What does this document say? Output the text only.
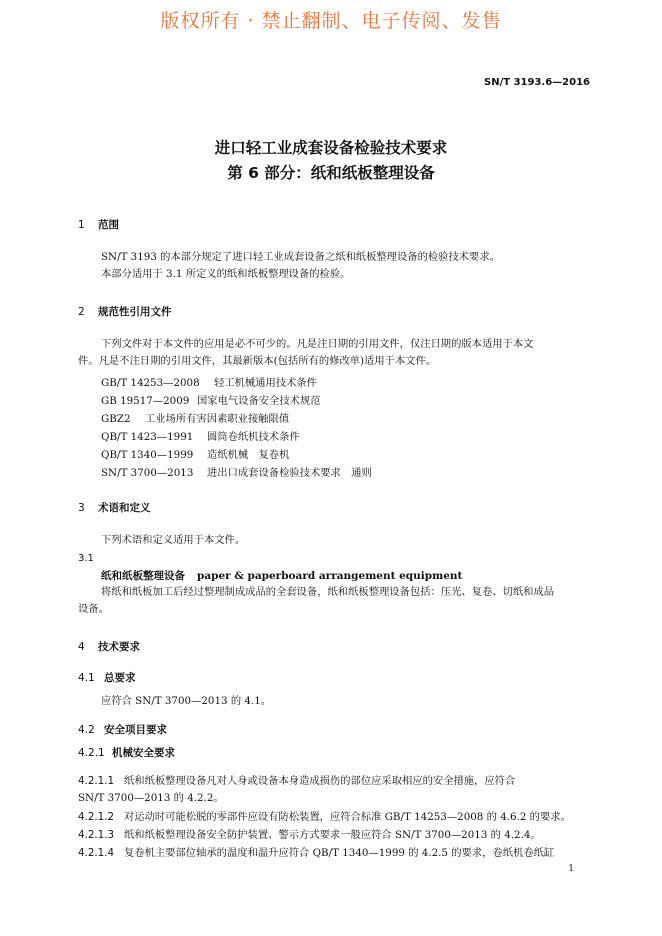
版权所有 · 禁止翻制、电子传阅、发售
SN/T 3193.6—2016
进口轻工业成套设备检验技术要求
第 6 部分：纸和纸板整理设备
1 范围
SN/T 3193 的本部分规定了进口轻工业成套设备之纸和纸板整理设备的检验技术要求。
本部分适用于 3.1 所定义的纸和纸板整理设备的检验。
2 规范性引用文件
下列文件对于本文件的应用是必不可少的。凡是注日期的引用文件，仅注日期的版本适用于本文
件。凡是不注日期的引用文件，其最新版本(包括所有的修改单)适用于本文件。
GB/T 14253—2008 轻工机械通用技术条件
GB 19517—2009 国家电气设备安全技术规范
GBZ2 工业场所有害因素职业接触限值
QB/T 1423—1991 圆筒卷纸机技术条件
QB/T 1340—1999 造纸机械　复卷机
SN/T 3700—2013 进出口成套设备检验技术要求　通则
3 术语和定义
下列术语和定义适用于本文件。
3.1
纸和纸板整理设备 paper & paperboard arrangement equipment
将纸和纸板加工后经过整理制成成品的全套设备，纸和纸板整理设备包括：压光、复卷、切纸和成品
设备。
4 技术要求
4.1 总要求
应符合 SN/T 3700—2013 的 4.1。
4.2 安全项目要求
4.2.1 机械安全要求
4.2.1.1 纸和纸板整理设备凡对人身或设备本身造成损伤的部位应采取相应的安全措施，应符合
SN/T 3700—2013 的 4.2.2。
4.2.1.2 对运动时可能松脱的零部件应设有防松装置，应符合标准 GB/T 14253—2008 的 4.6.2 的要求。
4.2.1.3 纸和纸板整理设备安全防护装置、警示方式要求一般应符合 SN/T 3700—2013 的 4.2.4。
4.2.1.4 复卷机主要部位轴承的温度和温升应符合 QB/T 1340—1999 的 4.2.5 的要求，卷纸机卷纸缸
1
